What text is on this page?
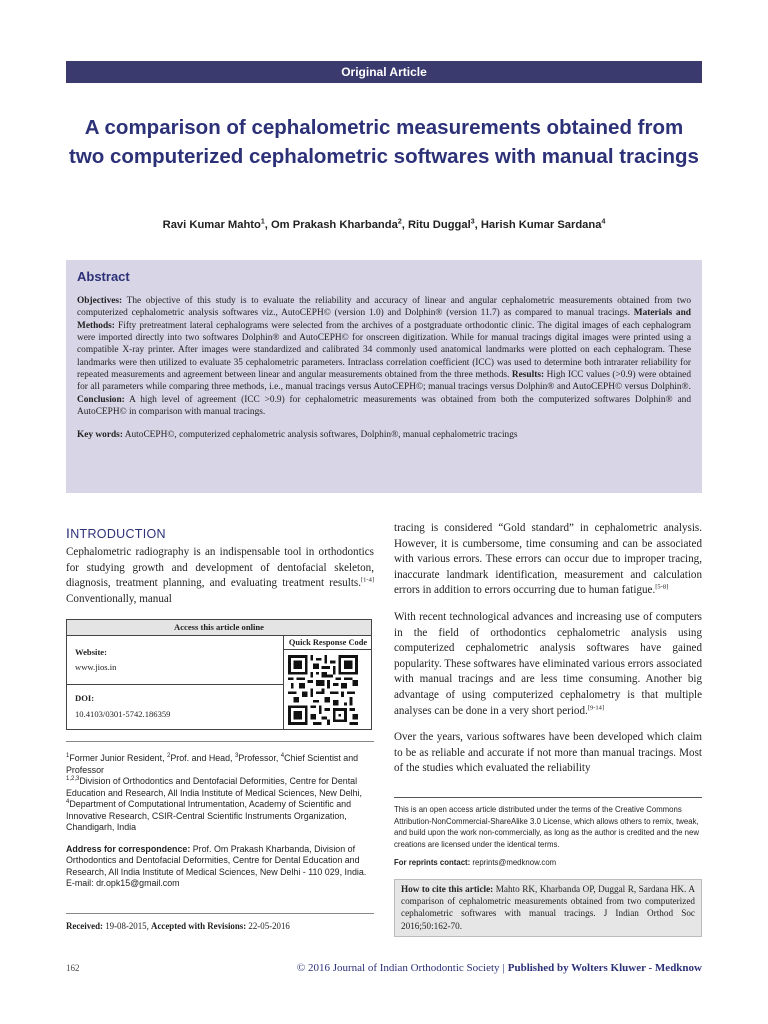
Original Article
A comparison of cephalometric measurements obtained from two computerized cephalometric softwares with manual tracings
Ravi Kumar Mahto$^1$, Om Prakash Kharbanda$^2$, Ritu Duggal$^3$, Harish Kumar Sardana$^4$
Abstract

Objectives: The objective of this study is to evaluate the reliability and accuracy of linear and angular cephalometric measurements obtained from two computerized cephalometric analysis softwares viz., AutoCEPH© (version 1.0) and Dolphin® (version 11.7) as compared to manual tracings. Materials and Methods: Fifty pretreatment lateral cephalograms were selected from the archives of a postgraduate orthodontic clinic. The digital images of each cephalogram were imported directly into two softwares Dolphin® and AutoCEPH© for onscreen digitization. While for manual tracings digital images were printed using a compatible X-ray printer. After images were standardized and calibrated 34 commonly used anatomical landmarks were plotted on each cephalogram. These landmarks were then utilized to evaluate 35 cephalometric parameters. Intraclass correlation coefficient (ICC) was used to determine both intrarater reliability for repeated measurements and agreement between linear and angular measurements obtained from the three methods. Results: High ICC values (>0.9) were obtained for all parameters while comparing three methods, i.e., manual tracings versus AutoCEPH©; manual tracings versus Dolphin® and AutoCEPH© versus Dolphin®. Conclusion: A high level of agreement (ICC >0.9) for cephalometric measurements was obtained from both the computerized softwares Dolphin® and AutoCEPH© in comparison with manual tracings.

Key words: AutoCEPH©, computerized cephalometric analysis softwares, Dolphin®, manual cephalometric tracings

INTRODUCTION
Cephalometric radiography is an indispensable tool in orthodontics for studying growth and development of dentofacial skeleton, diagnosis, treatment planning, and evaluating treatment results.[1-4] Conventionally, manual
Access this article online
Quick Response Code
Website:
www.jios.in
DOI:
10.4103/0301-5742.186359
$^1$Former Junior Resident, $^2$Prof. and Head, $^3$Professor, $^4$Chief Scientist and Professor
$^{1,2,3}$Division of Orthodontics and Dentofacial Deformities, Centre for Dental Education and Research, All India Institute of Medical Sciences, New Delhi,
$^4$Department of Computational Intrumentation, Academy of Scientific and Innovative Research, CSIR-Central Scientific Instruments Organization, Chandigarh, India
Address for correspondence: Prof. Om Prakash Kharbanda, Division of Orthodontics and Dentofacial Deformities, Centre for Dental Education and Research, All India Institute of Medical Sciences, New Delhi - 110 029, India.
E-mail: dr.opk15@gmail.com
Received: 19-08-2015, Accepted with Revisions: 22-05-2016

tracing is considered “Gold standard” in cephalometric analysis. However, it is cumbersome, time consuming and can be associated with various errors. These errors can occur due to improper tracing, inaccurate landmark identification, measurement and calculation errors in addition to errors occurring due to human fatigue.[5-8]

With recent technological advances and increasing use of computers in the field of orthodontics cephalometric analysis using computerized cephalometric analysis softwares have gained popularity. These softwares have eliminated various errors associated with manual tracings and are less time consuming. Another big advantage of using computerized cephalometry is that multiple analyses can be done in a very short period.[9-14]

Over the years, various softwares have been developed which claim to be as reliable and accurate if not more than manual tracings. Most of the studies which evaluated the reliability

This is an open access article distributed under the terms of the Creative Commons Attribution-NonCommercial-ShareAlike 3.0 License, which allows others to remix, tweak, and build upon the work non-commercially, as long as the author is credited and the new creations are licensed under the identical terms.
For reprints contact: reprints@medknow.com
How to cite this article: Mahto RK, Kharbanda OP, Duggal R, Sardana HK. A comparison of cephalometric measurements obtained from two computerized cephalometric softwares with manual tracings. J Indian Orthod Soc 2016;50:162-70.
162	© 2016 Journal of Indian Orthodontic Society | Published by Wolters Kluwer - Medknow
